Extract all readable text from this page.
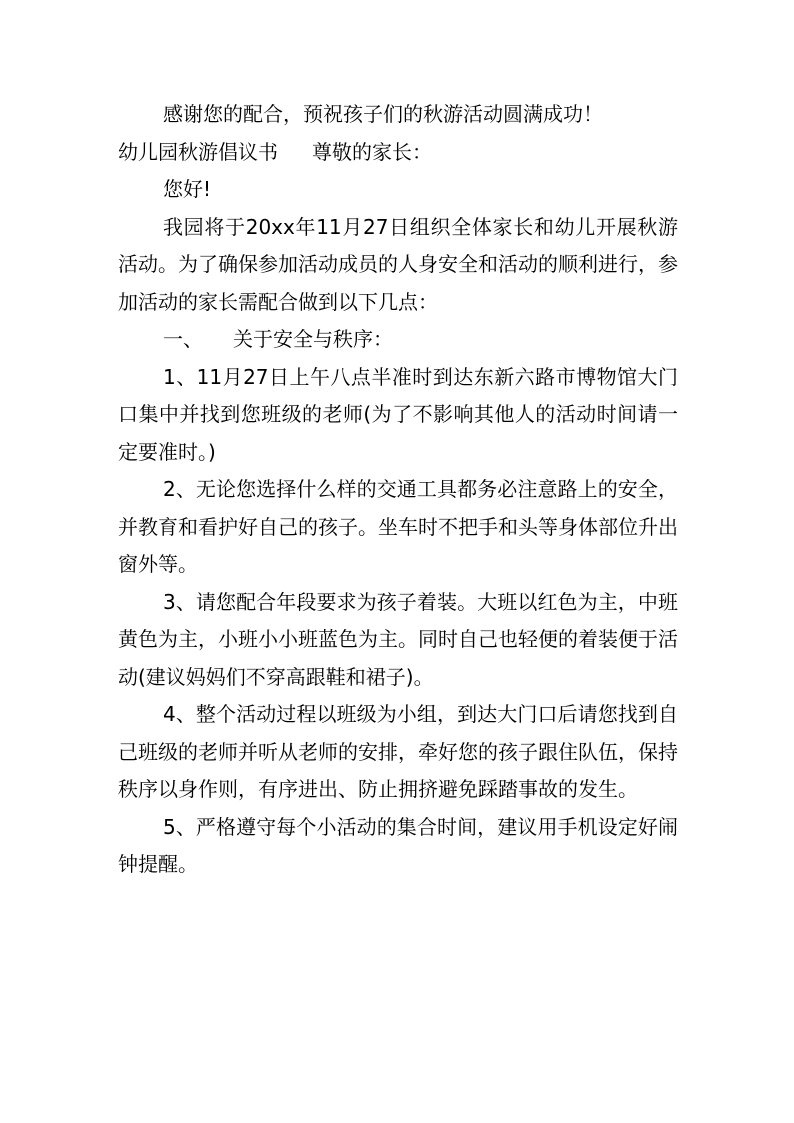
感谢您的配合，预祝孩子们的秋游活动圆满成功！

幼儿园秋游倡议书 尊敬的家长：

您好!

我园将于20xx年11月27日组织全体家长和幼儿开展秋游活动。为了确保参加活动成员的人身安全和活动的顺利进行，参加活动的家长需配合做到以下几点：

一、 关于安全与秩序：

1、11月27日上午八点半准时到达东新六路市博物馆大门口集中并找到您班级的老师(为了不影响其他人的活动时间请一定要准时。)

2、无论您选择什么样的交通工具都务必注意路上的安全，并教育和看护好自己的孩子。坐车时不把手和头等身体部位升出窗外等。

3、请您配合年段要求为孩子着装。大班以红色为主，中班黄色为主，小班小小班蓝色为主。同时自己也轻便的着装便于活动(建议妈妈们不穿高跟鞋和裙子)。

4、整个活动过程以班级为小组，到达大门口后请您找到自己班级的老师并听从老师的安排，牵好您的孩子跟住队伍，保持秩序以身作则，有序进出、防止拥挤避免踩踏事故的发生。

5、严格遵守每个小活动的集合时间，建议用手机设定好闹钟提醒。
